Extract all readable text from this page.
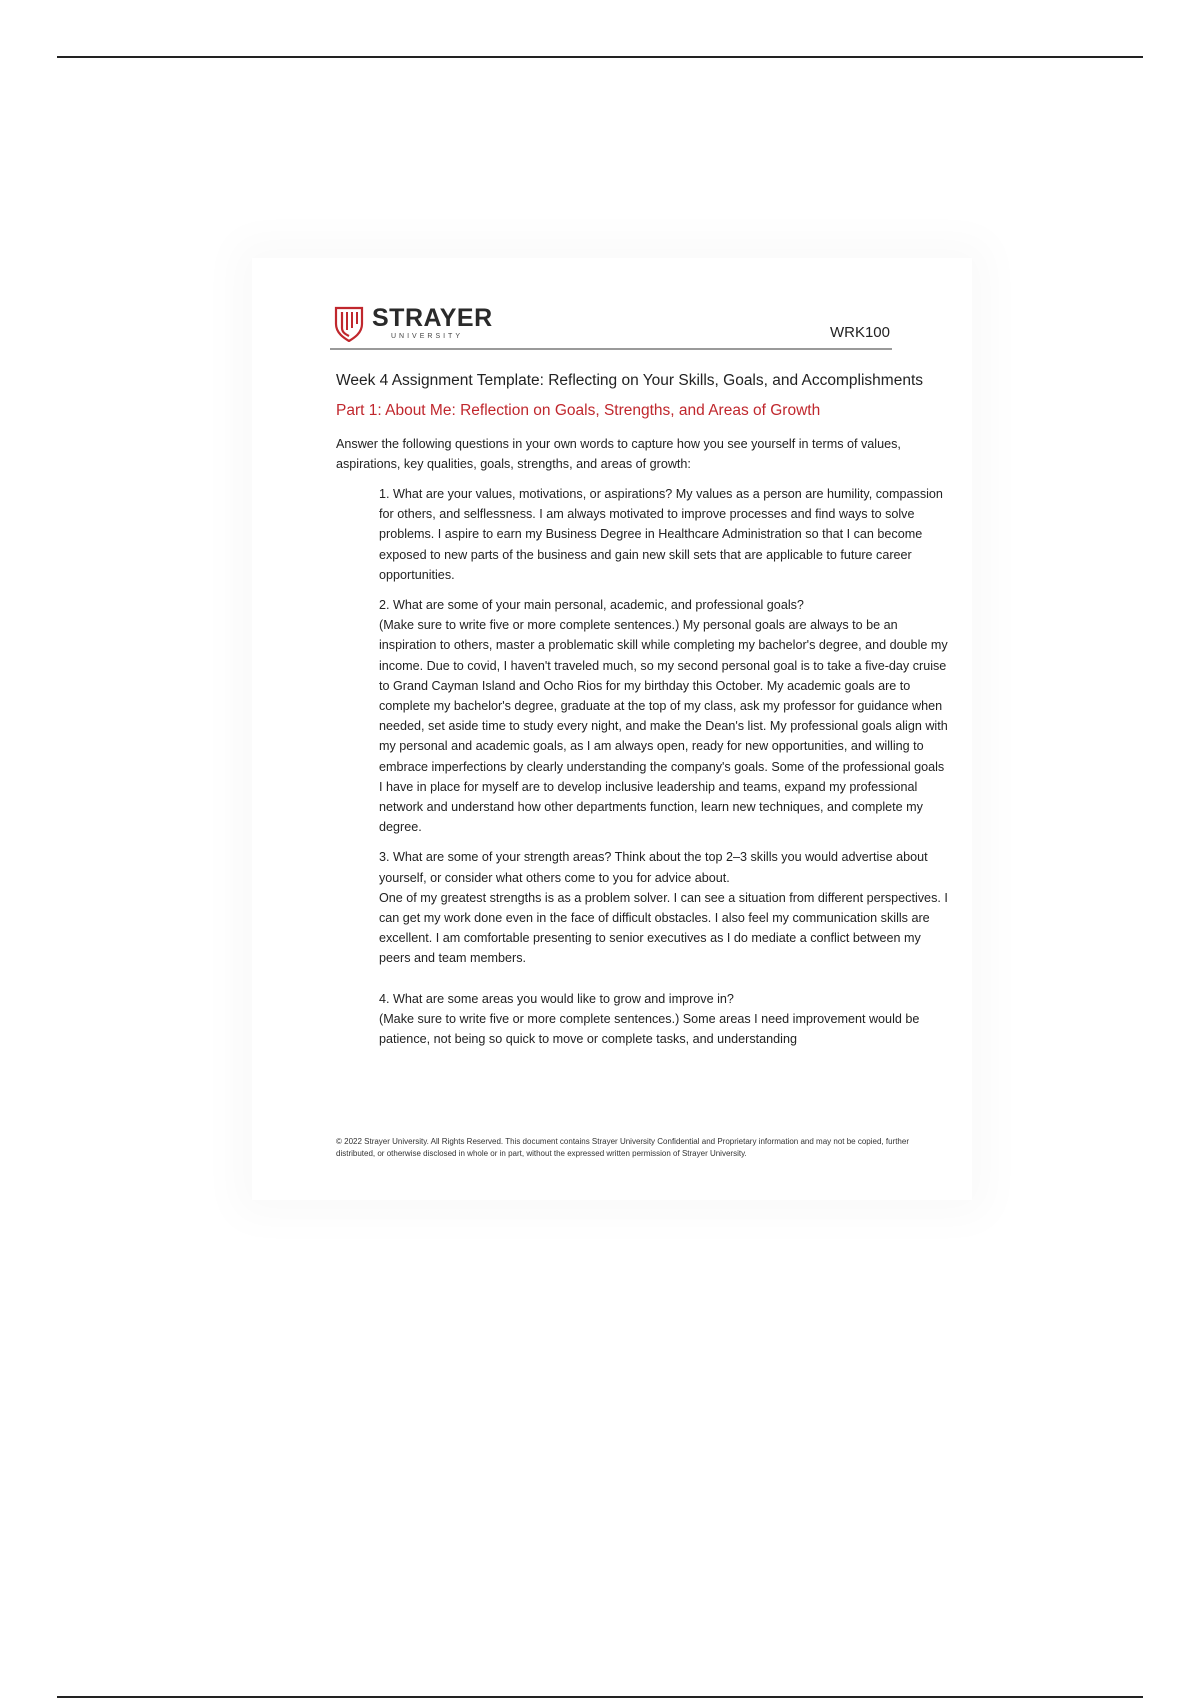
STRAYER
UNIVERSITY	WRK100
Week 4 Assignment Template: Reflecting on Your Skills, Goals, and Accomplishments
Part 1: About Me: Reflection on Goals, Strengths, and Areas of Growth

Answer the following questions in your own words to capture how you see yourself in terms of values, aspirations, key qualities, goals, strengths, and areas of growth:

1. What are your values, motivations, or aspirations? My values as a person are humility, compassion for others, and selflessness. I am always motivated to improve processes and find ways to solve problems. I aspire to earn my Business Degree in Healthcare Administration so that I can become exposed to new parts of the business and gain new skill sets that are applicable to future career opportunities.

2. What are some of your main personal, academic, and professional goals?

(Make sure to write five or more complete sentences.) My personal goals are always to be an inspiration to others, master a problematic skill while completing my bachelor's degree, and double my income. Due to covid, I haven't traveled much, so my second personal goal is to take a five-day cruise to Grand Cayman Island and Ocho Rios for my birthday this October. My academic goals are to complete my bachelor's degree, graduate at the top of my class, ask my professor for guidance when needed, set aside time to study every night, and make the Dean's list. My professional goals align with my personal and academic goals, as I am always open, ready for new opportunities, and willing to embrace imperfections by clearly understanding the company's goals. Some of the professional goals I have in place for myself are to develop inclusive leadership and teams, expand my professional network and understand how other departments function, learn new techniques, and complete my degree.

3. What are some of your strength areas? Think about the top 2–3 skills you would advertise about yourself, or consider what others come to you for advice about.

One of my greatest strengths is as a problem solver. I can see a situation from different perspectives. I can get my work done even in the face of difficult obstacles. I also feel my communication skills are excellent. I am comfortable presenting to senior executives as I do mediate a conflict between my peers and team members.

4. What are some areas you would like to grow and improve in?

(Make sure to write five or more complete sentences.) Some areas I need improvement would be patience, not being so quick to move or complete tasks, and understanding

© 2022 Strayer University. All Rights Reserved. This document contains Strayer University Confidential and Proprietary information and may not be copied, further distributed, or otherwise disclosed in whole or in part, without the expressed written permission of Strayer University.
